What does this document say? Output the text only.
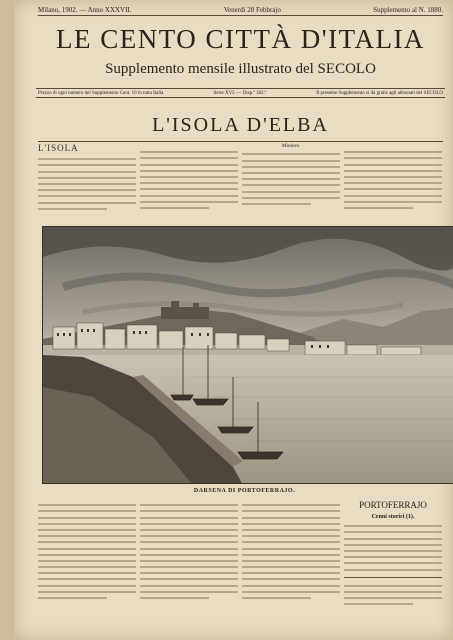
Milano, 1902. — Anno XXXVII.	Venerdi 28 Febbrajo	Supplemento al N. 1880.
LE CENTO CITTÀ D'ITALIA
Supplemento mensile illustrato del SECOLO
Prezzo di ogni numero del Supplemento Cent. 10 in tutta Italia	Serie XVI. — Disp.ª 182.ª	Il presente Supplemento si dà gratis agli abbonati del SECOLO
L'ISOLA D'ELBA
L'ISOLA	Miniere.
DARSENA DI PORTOFERRAJO.
PORTOFERRAJO
Cenni storici (1).
